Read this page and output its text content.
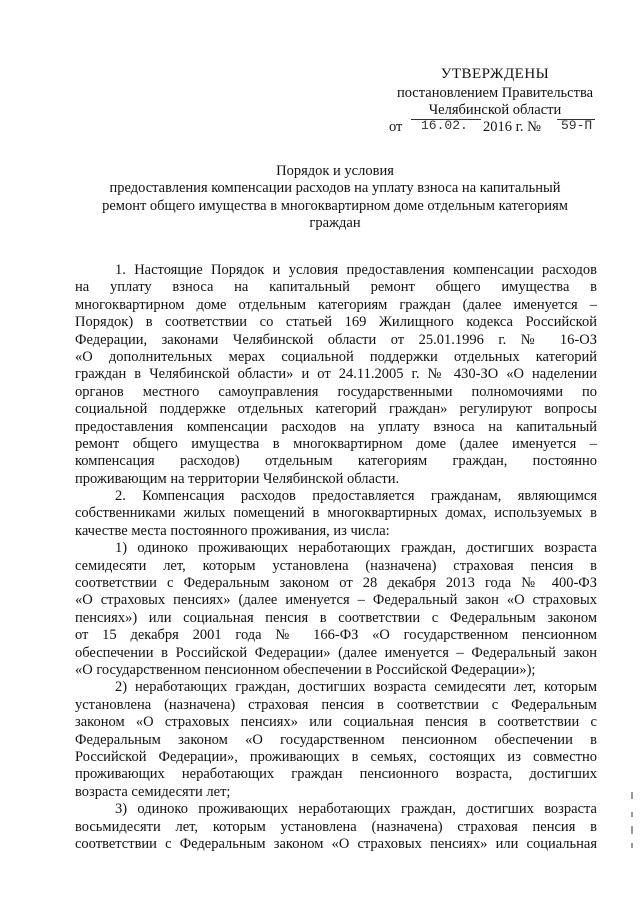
УТВЕРЖДЕНЫ
постановлением Правительства
Челябинской области
от 16.02. 2016 г. № 59-П
Порядок и условия
предоставления компенсации расходов на уплату взноса на капитальный
ремонт общего имущества в многоквартирном доме отдельным категориям
граждан
1. Настоящие Порядок и условия предоставления компенсации расходов
на уплату взноса на капитальный ремонт общего имущества в
многоквартирном доме отдельным категориям граждан (далее именуется –
Порядок) в соответствии со статьей 169 Жилищного кодекса Российской
Федерации, законами Челябинской области от 25.01.1996 г. № 16-ОЗ
«О дополнительных мерах социальной поддержки отдельных категорий
граждан в Челябинской области» и от 24.11.2005 г. № 430-ЗО «О наделении
органов местного самоуправления государственными полномочиями по
социальной поддержке отдельных категорий граждан» регулируют вопросы
предоставления компенсации расходов на уплату взноса на капитальный
ремонт общего имущества в многоквартирном доме (далее именуется –
компенсация расходов) отдельным категориям граждан, постоянно
проживающим на территории Челябинской области.
2. Компенсация расходов предоставляется гражданам, являющимся
собственниками жилых помещений в многоквартирных домах, используемых в
качестве места постоянного проживания, из числа:
1) одиноко проживающих неработающих граждан, достигших возраста
семидесяти лет, которым установлена (назначена) страховая пенсия в
соответствии с Федеральным законом от 28 декабря 2013 года № 400-ФЗ
«О страховых пенсиях» (далее именуется – Федеральный закон «О страховых
пенсиях») или социальная пенсия в соответствии с Федеральным законом
от 15 декабря 2001 года № 166-ФЗ «О государственном пенсионном
обеспечении в Российской Федерации» (далее именуется – Федеральный закон
«О государственном пенсионном обеспечении в Российской Федерации»);
2) неработающих граждан, достигших возраста семидесяти лет, которым
установлена (назначена) страховая пенсия в соответствии с Федеральным
законом «О страховых пенсиях» или социальная пенсия в соответствии с
Федеральным законом «О государственном пенсионном обеспечении в
Российской Федерации», проживающих в семьях, состоящих из совместно
проживающих неработающих граждан пенсионного возраста, достигших
возраста семидесяти лет;
3) одиноко проживающих неработающих граждан, достигших возраста
восьмидесяти лет, которым установлена (назначена) страховая пенсия в
соответствии с Федеральным законом «О страховых пенсиях» или социальная
